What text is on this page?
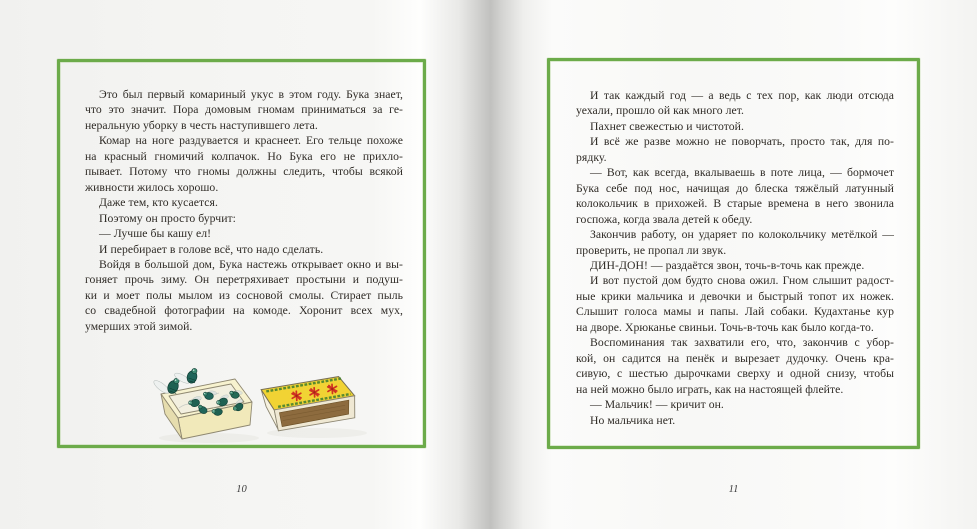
Это был первый комариный укус в этом году. Бука знает,
что это значит. Пора домовым гномам приниматься за ге-
неральную уборку в честь наступившего лета.
Комар на ноге раздувается и краснеет. Его тельце похоже
на красный гномичий колпачок. Но Бука его не прихло-
пывает. Потому что гномы должны следить, чтобы всякой
живности жилось хорошо.
Даже тем, кто кусается.
Поэтому он просто бурчит:
— Лучше бы кашу ел!
И перебирает в голове всё, что надо сделать.
Войдя в большой дом, Бука настежь открывает окно и вы-
гоняет прочь зиму. Он перетряхивает простыни и подуш-
ки и моет полы мылом из сосновой смолы. Стирает пыль
со свадебной фотографии на комоде. Хоронит всех мух,
умерших этой зимой.
10
И так каждый год — а ведь с тех пор, как люди отсюда
уехали, прошло ой как много лет.
Пахнет свежестью и чистотой.
И всё же разве можно не поворчать, просто так, для по-
рядку.
— Вот, как всегда, вкалываешь в поте лица, — бормочет
Бука себе под нос, начищая до блеска тяжёлый латунный
колокольчик в прихожей. В старые времена в него звонила
госпожа, когда звала детей к обеду.
Закончив работу, он ударяет по колокольчику метёлкой —
проверить, не пропал ли звук.
ДИН-ДОН! — раздаётся звон, точь-в-точь как прежде.
И вот пустой дом будто снова ожил. Гном слышит радост-
ные крики мальчика и девочки и быстрый топот их ножек.
Слышит голоса мамы и папы. Лай собаки. Кудахтанье кур
на дворе. Хрюканье свиньи. Точь-в-точь как было когда-то.
Воспоминания так захватили его, что, закончив с убор-
кой, он садится на пенёк и вырезает дудочку. Очень кра-
сивую, с шестью дырочками сверху и одной снизу, чтобы
на ней можно было играть, как на настоящей флейте.
— Мальчик! — кричит он.
Но мальчика нет.
11
